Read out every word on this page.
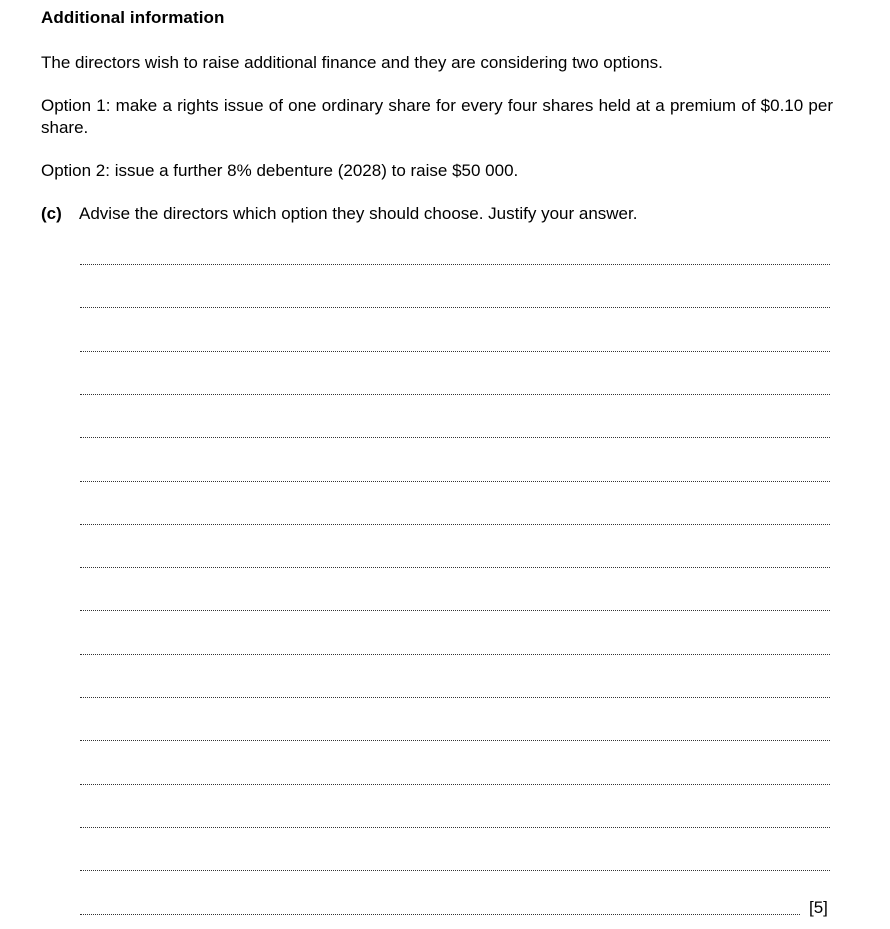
Additional information
The directors wish to raise additional finance and they are considering two options.
Option 1: make a rights issue of one ordinary share for every four shares held at a premium of $0.10 per share.
Option 2: issue a further 8% debenture (2028) to raise $50 000.
(c) Advise the directors which option they should choose. Justify your answer.
[5]
